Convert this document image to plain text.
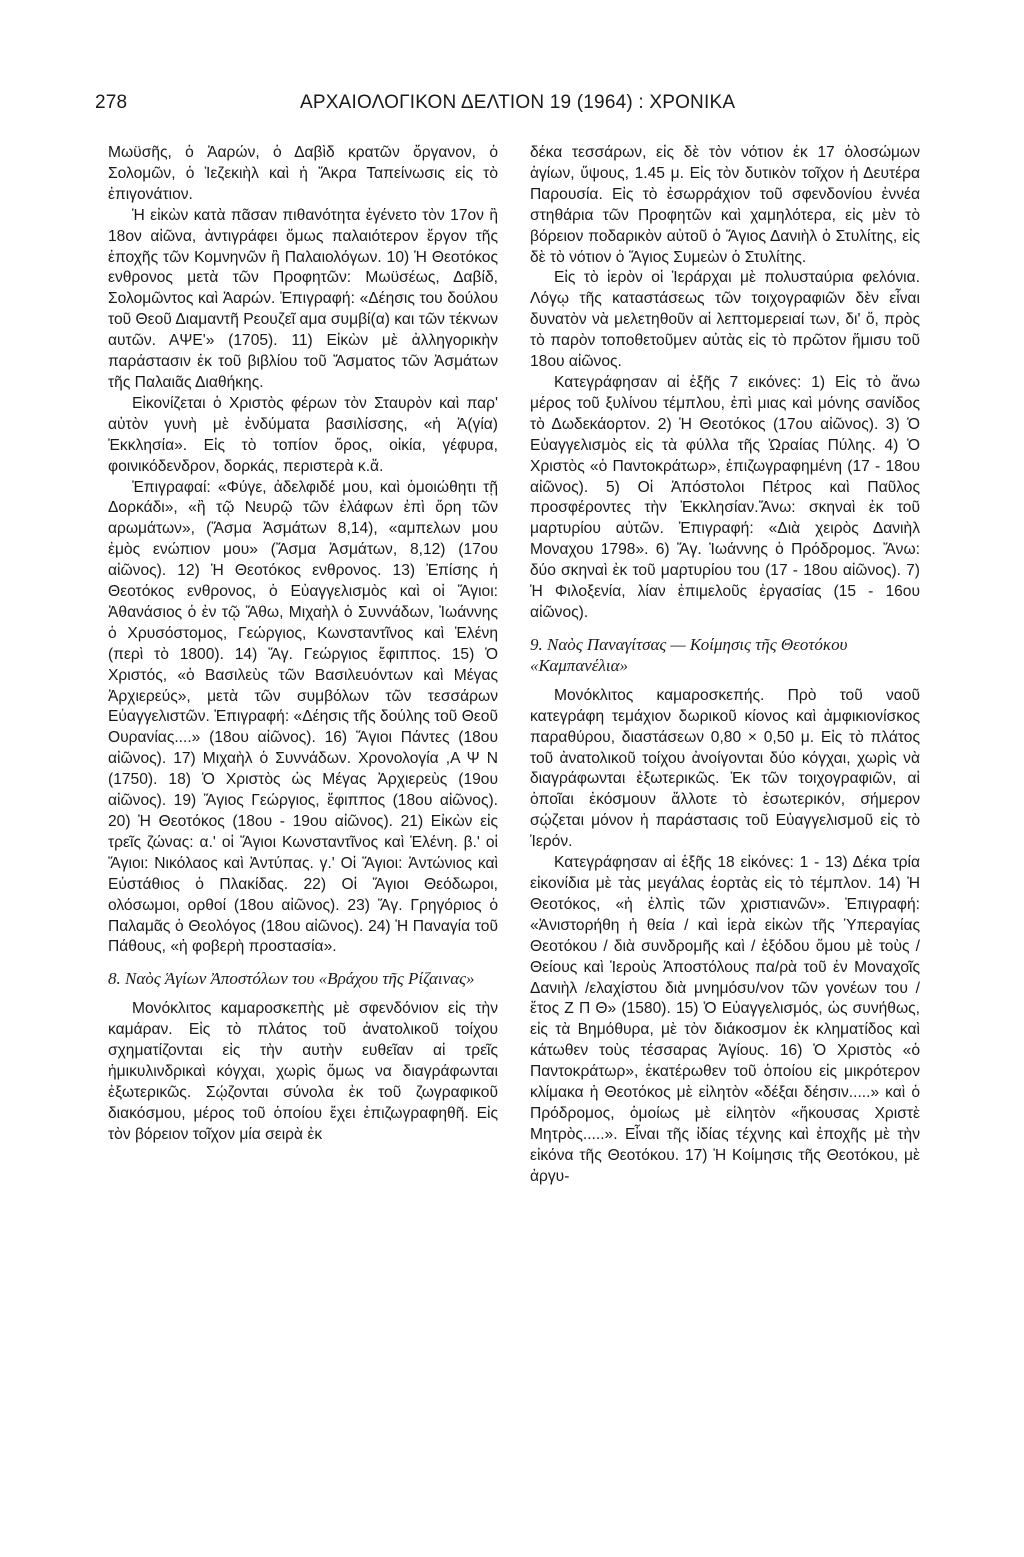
278	ΑΡΧΑΙΟΛΟΓΙΚΟΝ ΔΕΛΤΙΟΝ 19 (1964) : ΧΡΟΝΙΚΑ

Μωϋσῆς, ὁ Ἀαρών, ὁ Δαβὶδ κρατῶν ὄργανον, ὁ Σολομῶν, ὁ Ἰεζεκιὴλ καὶ ἡ Ἄκρα Ταπείνωσις εἰς τὸ ἐπιγονάτιον.

Ἡ εἰκὼν κατὰ πᾶσαν πιθανότητα ἐγένετο τὸν 17ον ἢ 18ον αἰῶνα, ἀντιγράφει ὅμως παλαιότερον ἔργον τῆς ἐποχῆς τῶν Κομνηνῶν ἢ Παλαιολόγων. 10) Ἡ Θεοτόκος ενθρονος μετὰ τῶν Προφητῶν: Μωϋσέως, Δαβίδ, Σολομῶντος καὶ Ἀαρών. Ἐπιγραφή: «Δέησις του δούλου τοῦ Θεοῦ Διαμαντῆ Ρεουζεῖ αμα συμβί(α) και τῶν τέκνων αυτῶν. ΑΨΕ'» (1705). 11) Εἰκὼν μὲ ἀλληγορικὴν παράστασιν ἐκ τοῦ βιβλίου τοῦ Ἄσματος τῶν Ἀσμάτων τῆς Παλαιᾶς Διαθήκης.

Εἰκονίζεται ὁ Χριστὸς φέρων τὸν Σταυρὸν καὶ παρ' αὐτὸν γυνὴ μὲ ἐνδύματα βασιλίσσης, «ἡ Ἁ(γία) Ἐκκλησία». Εἰς τὸ τοπίον ὄρος, οἰκία, γέφυρα, φοινικόδενδρον, δορκάς, περιστερὰ κ.ἄ.

Ἐπιγραφαί: «Φύγε, ἀδελφιδέ μου, καὶ ὁμοιώθητι τῇ Δορκάδι», «ἢ τῷ Νευρῷ τῶν ἐλάφων ἐπὶ ὄρη τῶν αρωμάτων», (Ἄσμα Ἀσμάτων 8,14), «αμπελων μου ἐμὸς ενώπιον μου» (Ἄσμα Ἀσμάτων, 8,12) (17ου αἰῶνος). 12) Ἡ Θεοτόκος ενθρονος. 13) Ἐπίσης ἡ Θεοτόκος ενθρονος, ὁ Εὐαγγελισμὸς καὶ οἱ Ἅγιοι: Ἀθανάσιος ὁ ἐν τῷ Ἄθω, Μιχαὴλ ὁ Συννάδων, Ἰωάννης ὁ Χρυσόστομος, Γεώργιος, Κωνσταντῖνος καὶ Ἑλένη (περὶ τὸ 1800). 14) Ἅγ. Γεώργιος ἔφιππος. 15) Ὁ Χριστός, «ὁ Βασιλεὺς τῶν Βασιλευόντων καὶ Μέγας Ἀρχιερεύς», μετὰ τῶν συμβόλων τῶν τεσσάρων Εὐαγγελιστῶν. Ἐπιγραφή: «Δέησις τῆς δούλης τοῦ Θεοῦ Ουρανίας....» (18ου αἰῶνος). 16) Ἅγιοι Πάντες (18ου αἰῶνος). 17) Μιχαὴλ ὁ Συννάδων. Χρονολογία ,Α Ψ Ν (1750). 18) Ὁ Χριστὸς ὡς Μέγας Ἀρχιερεὺς (19ου αἰῶνος). 19) Ἅγιος Γεώργιος, ἔφιππος (18ου αἰῶνος). 20) Ἡ Θεοτόκος (18ου - 19ου αἰῶνος). 21) Εἰκὼν εἰς τρεῖς ζώνας: α.' οἱ Ἅγιοι Κωνσταντῖνος καὶ Ἑλένη. β.' οἱ Ἅγιοι: Νικόλαος καὶ Ἀντύπας. γ.' Οἱ Ἅγιοι: Ἀντώνιος καὶ Εὐστάθιος ὁ Πλακίδας. 22) Οἱ Ἅγιοι Θεόδωροι, ολόσωμοι, ορθοί (18ου αἰῶνος). 23) Ἅγ. Γρηγόριος ὁ Παλαμᾶς ὁ Θεολόγος (18ου αἰῶνος). 24) Ἡ Παναγία τοῦ Πάθους, «ἡ φοβερὴ προστασία».

8. Ναὸς Ἁγίων Ἀποστόλων του «Βράχου τῆς Ρίζαινας»

Μονόκλιτος καμαροσκεπὴς μὲ σφενδόνιον εἰς τὴν καμάραν. Εἰς τὸ πλάτος τοῦ ἀνατολικοῦ τοίχου σχηματίζονται εἰς τὴν αυτὴν ευθεῖαν αἱ τρεῖς ἡμικυλινδρικαὶ κόγχαι, χωρὶς ὅμως να διαγράφωνται ἐξωτερικῶς. Σῴζονται σύνολα ἐκ τοῦ ζωγραφικοῦ διακόσμου, μέρος τοῦ ὁποίου ἔχει ἐπιζωγραφηθῆ. Εἰς τὸν βόρειον τοῖχον μία σειρὰ ἐκ

δέκα τεσσάρων, εἰς δὲ τὸν νότιον ἐκ 17 ὁλοσώμων ἁγίων, ὕψους, 1.45 μ. Εἰς τὸν δυτικὸν τοῖχον ἡ Δευτέρα Παρουσία. Εἰς τὸ ἐσωρράχιον τοῦ σφενδονίου ἐννέα στηθάρια τῶν Προφητῶν καὶ χαμηλότερα, εἰς μὲν τὸ βόρειον ποδαρικὸν αὐτοῦ ὁ Ἅγιος Δανιὴλ ὁ Στυλίτης, εἰς δὲ τὸ νότιον ὁ Ἅγιος Συμεὼν ὁ Στυλίτης.

Εἰς τὸ ἱερὸν οἱ Ἱεράρχαι μὲ πολυσταύρια φελόνια. Λόγῳ τῆς καταστάσεως τῶν τοιχογραφιῶν δὲν εἶναι δυνατὸν νὰ μελετηθοῦν αἱ λεπτομερειαί των, δι' ὅ, πρὸς τὸ παρὸν τοποθετοῦμεν αὐτὰς εἰς τὸ πρῶτον ἥμισυ τοῦ 18ου αἰῶνος.

Κατεγράφησαν αἱ ἑξῆς 7 εικόνες: 1) Εἰς τὸ ἄνω μέρος τοῦ ξυλίνου τέμπλου, ἐπὶ μιας καὶ μόνης σανίδος τὸ Δωδεκάορτον. 2) Ἡ Θεοτόκος (17ου αἰῶνος). 3) Ὁ Εὐαγγελισμὸς εἰς τὰ φύλλα τῆς Ὡραίας Πύλης. 4) Ὁ Χριστὸς «ὁ Παντοκράτωρ», ἐπιζωγραφημένη (17 - 18ου αἰῶνος). 5) Οἱ Ἀπόστολοι Πέτρος καὶ Παῦλος προσφέροντες τὴν Ἐκκλησίαν.Ἄνω: σκηναὶ ἐκ τοῦ μαρτυρίου αὐτῶν. Ἐπιγραφή: «Διὰ χειρὸς Δανιὴλ Μοναχου 1798». 6) Ἅγ. Ἰωάννης ὁ Πρόδρομος. Ἄνω: δύο σκηναὶ ἐκ τοῦ μαρτυρίου του (17 - 18ου αἰῶνος). 7) Ἡ Φιλοξενία, λίαν ἐπιμελοῦς ἐργασίας (15 - 16ου αἰῶνος).

9. Ναὸς Παναγίτσας — Κοίμησις τῆς Θεοτόκου «Καμπανέλια»

Μονόκλιτος καμαροσκεπής. Πρὸ τοῦ ναοῦ κατεγράφη τεμάχιον δωρικοῦ κίονος καὶ ἀμφικιονίσκος παραθύρου, διαστάσεων 0,80 × 0,50 μ. Εἰς τὸ πλάτος τοῦ ἀνατολικοῦ τοίχου ἀνοίγονται δύο κόγχαι, χωρὶς νὰ διαγράφωνται ἐξωτερικῶς. Ἐκ τῶν τοιχογραφιῶν, αἱ ὁποῖαι ἐκόσμουν ἄλλοτε τὸ ἐσωτερικόν, σήμερον σῴζεται μόνον ἡ παράστασις τοῦ Εὐαγγελισμοῦ εἰς τὸ Ἱερόν.

Κατεγράφησαν αἱ ἑξῆς 18 εἰκόνες: 1 - 13) Δέκα τρία εἰκονίδια μὲ τὰς μεγάλας ἑορτὰς εἰς τὸ τέμπλον. 14) Ἡ Θεοτόκος, «ἡ ἐλπὶς τῶν χριστιανῶν». Ἐπιγραφή: «Ἀνιστορήθη ἡ θεία / καὶ ἱερὰ εἰκὼν τῆς Ὑπεραγίας Θεοτόκου / διὰ συνδρομῆς καὶ / ἐξόδου ὅμου μὲ τοὺς / Θείους καὶ Ἱεροὺς Ἀποστόλους πα/ρὰ τοῦ ἐν Μοναχοῖς Δανιὴλ /ελαχίστου διὰ μνημόσυ/νον τῶν γονέων του /ἔτος Ζ Π Θ» (1580). 15) Ὁ Εὐαγγελισμός, ὡς συνήθως, εἰς τὰ Βημόθυρα, μὲ τὸν διάκοσμον ἐκ κληματίδος καὶ κάτωθεν τοὺς τέσσαρας Ἁγίους. 16) Ὁ Χριστὸς «ὁ Παντοκράτωρ», ἑκατέρωθεν τοῦ ὁποίου εἰς μικρότερον κλίμακα ἡ Θεοτόκος μὲ εἱλητὸν «δέξαι δέησιν.....» καὶ ὁ Πρόδρομος, ὁμοίως μὲ εἱλητὸν «ἥκουσας Χριστὲ Μητρὸς.....». Εἶναι τῆς ἰδίας τέχνης καὶ ἐποχῆς μὲ τὴν εἰκόνα τῆς Θεοτόκου. 17) Ἡ Κοίμησις τῆς Θεοτόκου, μὲ ἀργυ-
